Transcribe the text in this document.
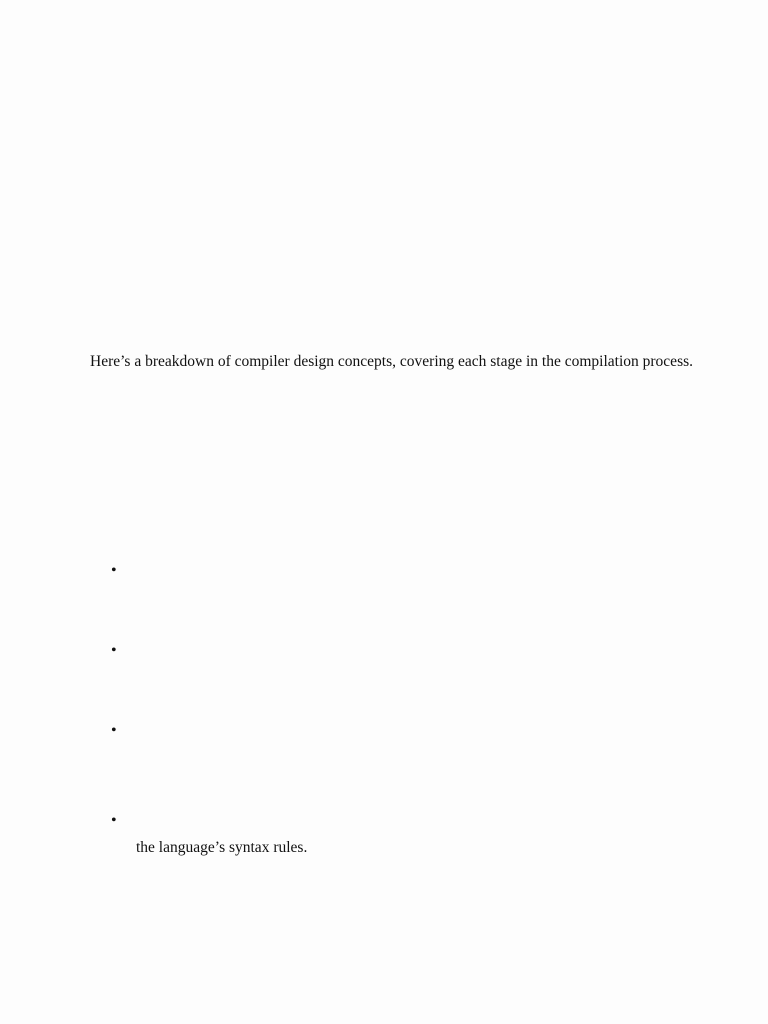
Here’s a breakdown of compiler design concepts, covering each stage in the compilation process.
•
•
•
•
the language’s syntax rules.
